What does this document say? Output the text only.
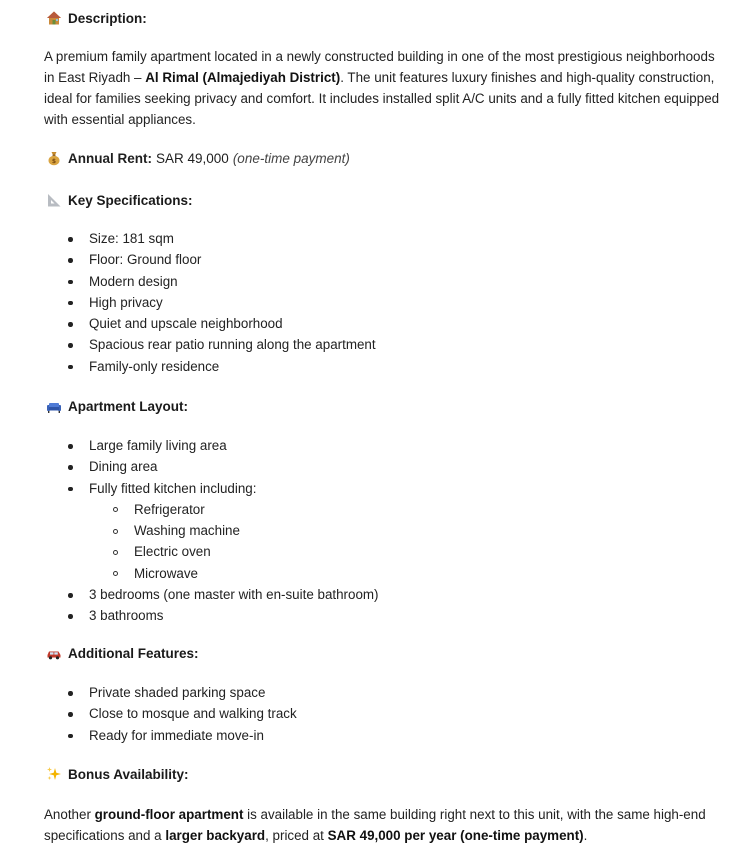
Description:
A premium family apartment located in a newly constructed building in one of the most prestigious neighborhoods in East Riyadh – Al Rimal (Almajediyah District). The unit features luxury finishes and high-quality construction, ideal for families seeking privacy and comfort. It includes installed split A/C units and a fully fitted kitchen equipped with essential appliances.
$ Annual Rent: SAR 49,000 (one-time payment)
Key Specifications:
Size: 181 sqm
Floor: Ground floor
Modern design
High privacy
Quiet and upscale neighborhood
Spacious rear patio running along the apartment
Family-only residence
Apartment Layout:
Large family living area
Dining area
Fully fitted kitchen including:
Refrigerator
Washing machine
Electric oven
Microwave
3 bedrooms (one master with en-suite bathroom)
3 bathrooms
Additional Features:
Private shaded parking space
Close to mosque and walking track
Ready for immediate move-in
Bonus Availability:
Another ground-floor apartment is available in the same building right next to this unit, with the same high-end specifications and a larger backyard, priced at SAR 49,000 per year (one-time payment).
